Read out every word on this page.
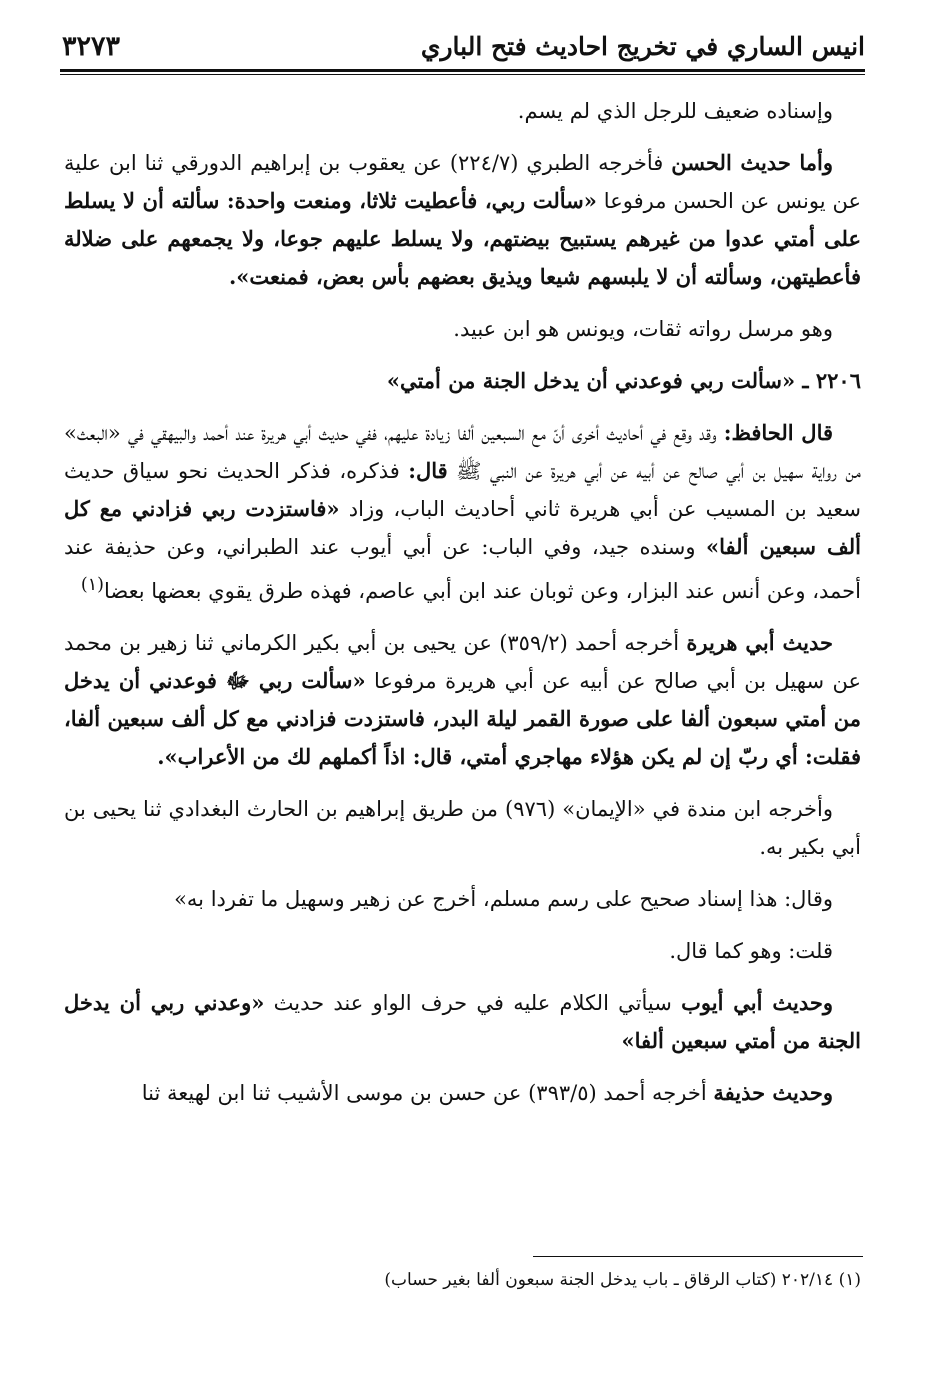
انيس الساري في تخريج احاديث فتح الباري
٣٢٧٣

وإسناده ضعيف للرجل الذي لم يسم.

وأما حديث الحسن فأخرجه الطبري (٢٢٤/٧) عن يعقوب بن إبراهيم الدورقي ثنا ابن علية عن يونس عن الحسن مرفوعا «سألت ربي، فأعطيت ثلاثا، ومنعت واحدة: سألته أن لا يسلط على أمتي عدوا من غيرهم يستبيح بيضتهم، ولا يسلط عليهم جوعا، ولا يجمعهم على ضلالة فأعطيتهن، وسألته أن لا يلبسهم شيعا ويذيق بعضهم بأس بعض، فمنعت».

وهو مرسل رواته ثقات، ويونس هو ابن عبيد.

٢٢٠٦ ـ «سألت ربي فوعدني أن يدخل الجنة من أمتي»

قال الحافظ: وقد وقع في أحاديث أخرى أنّ مع السبعين ألفا زيادة عليهم، ففي حديث أبي هريرة عند أحمد والبيهقي في «البعث» من رواية سهيل بن أبي صالح عن أبيه عن أبي هريرة عن النبي ﷺ قال: فذكره، فذكر الحديث نحو سياق حديث سعيد بن المسيب عن أبي هريرة ثاني أحاديث الباب، وزاد «فاستزدت ربي فزادني مع كل ألف سبعين ألفا» وسنده جيد، وفي الباب: عن أبي أيوب عند الطبراني، وعن حذيفة عند أحمد، وعن أنس عند البزار، وعن ثوبان عند ابن أبي عاصم، فهذه طرق يقوي بعضها بعضا$^{(١)}$

حديث أبي هريرة أخرجه أحمد (٣٥٩/٢) عن يحيى بن أبي بكير الكرماني ثنا زهير بن محمد عن سهيل بن أبي صالح عن أبيه عن أبي هريرة مرفوعا «سألت ربي ﷻ فوعدني أن يدخل من أمتي سبعون ألفا على صورة القمر ليلة البدر، فاستزدت فزادني مع كل ألف سبعين ألفا، فقلت: أي ربّ إن لم يكن هؤلاء مهاجري أمتي، قال: اذاً أكملهم لك من الأعراب».

وأخرجه ابن مندة في «الإيمان» (٩٧٦) من طريق إبراهيم بن الحارث البغدادي ثنا يحيى بن أبي بكير به.

وقال: هذا إسناد صحيح على رسم مسلم، أخرج عن زهير وسهيل ما تفردا به»

قلت: وهو كما قال.

وحديث أبي أيوب سيأتي الكلام عليه في حرف الواو عند حديث «وعدني ربي أن يدخل الجنة من أمتي سبعين ألفا»

وحديث حذيفة أخرجه أحمد (٣٩٣/٥) عن حسن بن موسى الأشيب ثنا ابن لهيعة ثنا

(١) ٢٠٢/١٤ (كتاب الرقاق ـ باب يدخل الجنة سبعون ألفا بغير حساب)
